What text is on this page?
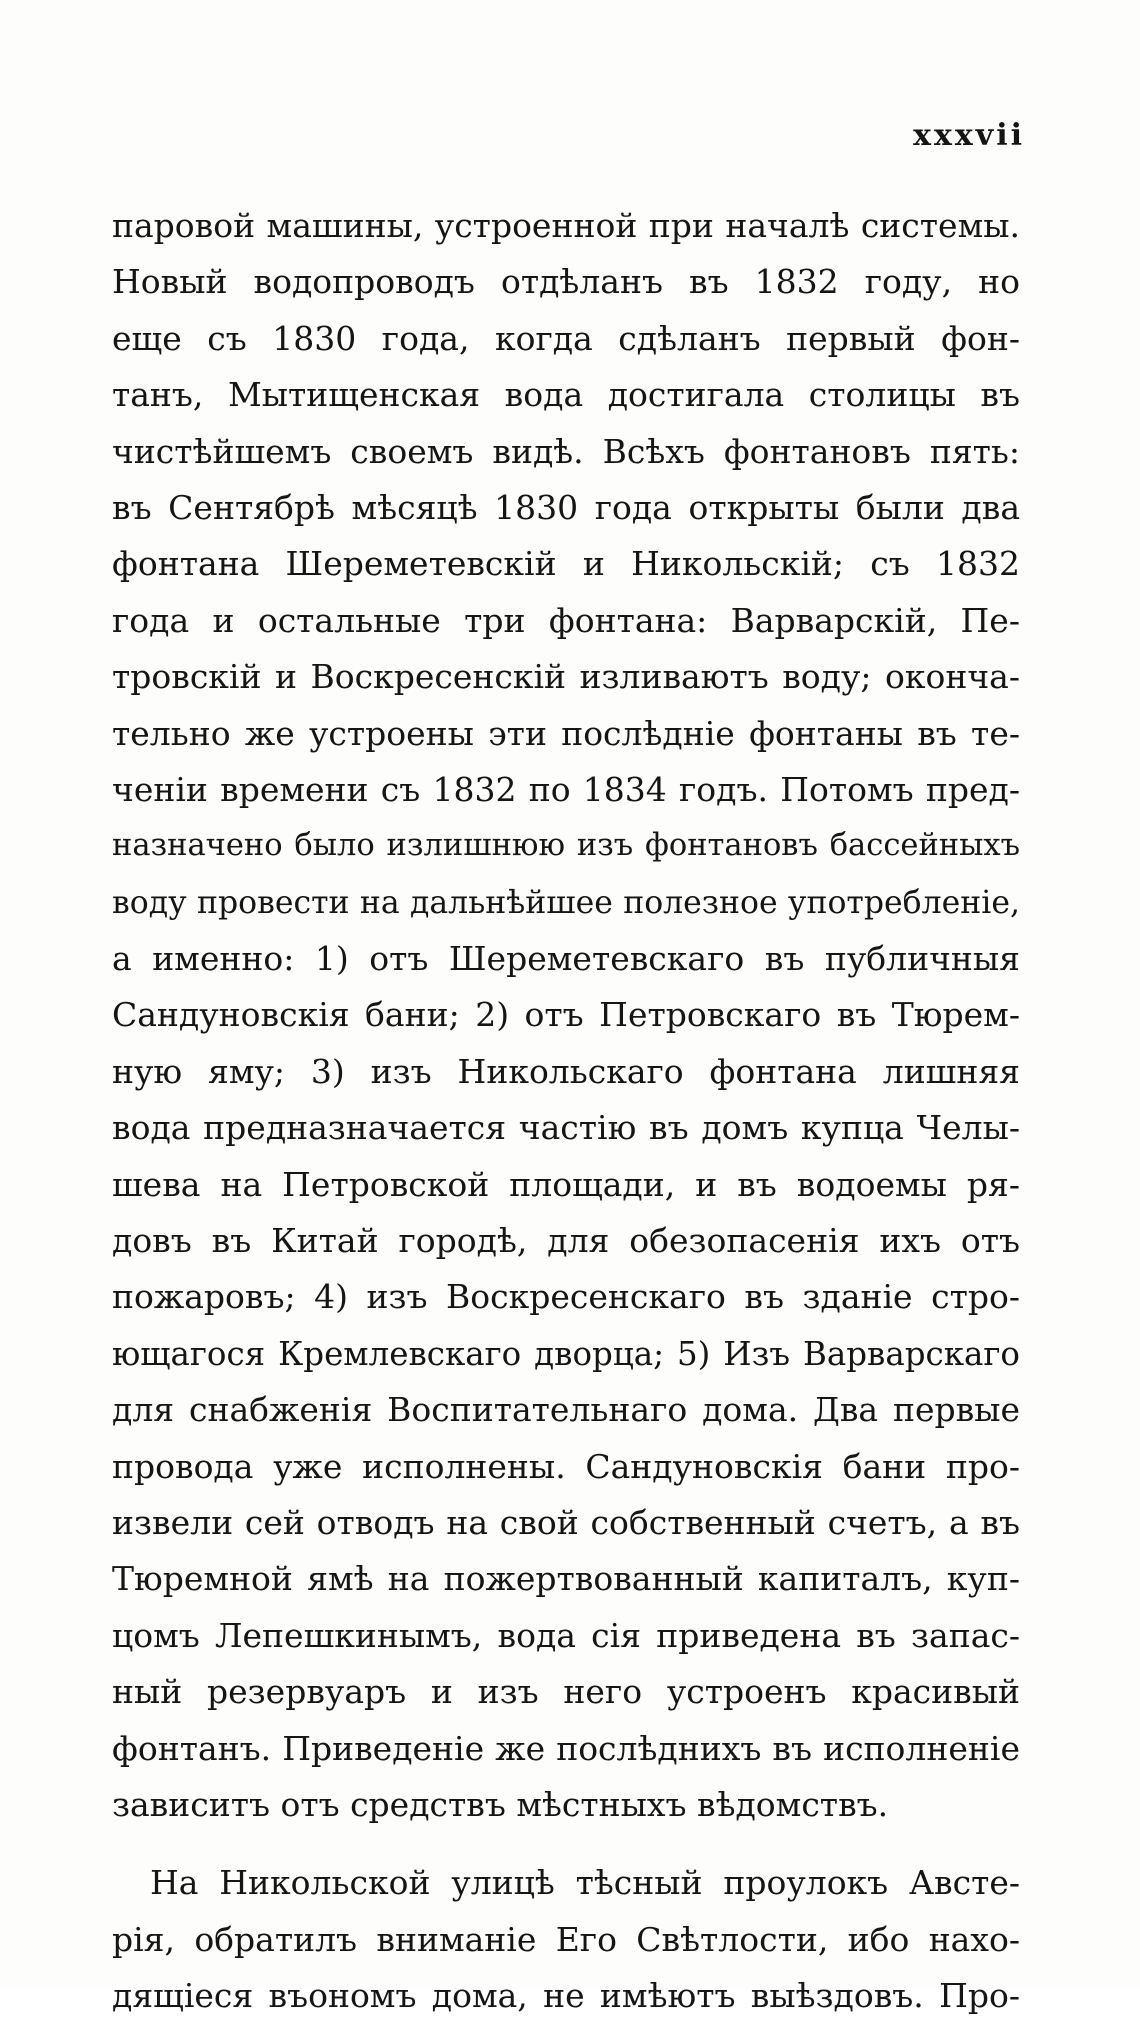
xxxvii
паровой машины, устроенной при началѣ системы.
Новый водопроводъ отдѣланъ въ 1832 году, но
еще съ 1830 года, когда сдѣланъ первый фон-
танъ, Мытищенская вода достигала столицы въ
чистѣйшемъ своемъ видѣ. Всѣхъ фонтановъ пять:
въ Сентябрѣ мѣсяцѣ 1830 года открыты были два
фонтана Шереметевскій и Никольскій; съ 1832
года и остальные три фонтана: Варварскій, Пе-
тровскій и Воскресенскій изливаютъ воду; оконча-
тельно же устроены эти послѣдніе фонтаны въ те-
ченіи времени съ 1832 по 1834 годъ. Потомъ пред-
назначено было излишнюю изъ фонтановъ бассейныхъ
воду провести на дальнѣйшее полезное употребленіе,
а именно: 1) отъ Шереметевскаго въ публичныя
Сандуновскія бани; 2) отъ Петровскаго въ Тюрем-
ную яму; 3) изъ Никольскаго фонтана лишняя
вода предназначается частію въ домъ купца Челы-
шева на Петровской площади, и въ водоемы ря-
довъ въ Китай городѣ, для обезопасенія ихъ отъ
пожаровъ; 4) изъ Воскресенскаго въ зданіе стро-
ющагося Кремлевскаго дворца; 5) Изъ Варварскаго
для снабженія Воспитательнаго дома. Два первые
провода уже исполнены. Сандуновскія бани про-
извели сей отводъ на свой собственный счетъ, а въ
Тюремной ямѣ на пожертвованный капиталъ, куп-
цомъ Лепешкинымъ, вода сія приведена въ запас-
ный резервуаръ и изъ него устроенъ красивый
фонтанъ. Приведеніе же послѣднихъ въ исполненіе
зависитъ отъ средствъ мѣстныхъ вѣдомствъ.
На Никольской улицѣ тѣсный проулокъ Австе-
рія, обратилъ вниманіе Его Свѣтлости, ибо нахо-
дящіеся въономъ дома, не имѣютъ выѣздовъ. Про-
